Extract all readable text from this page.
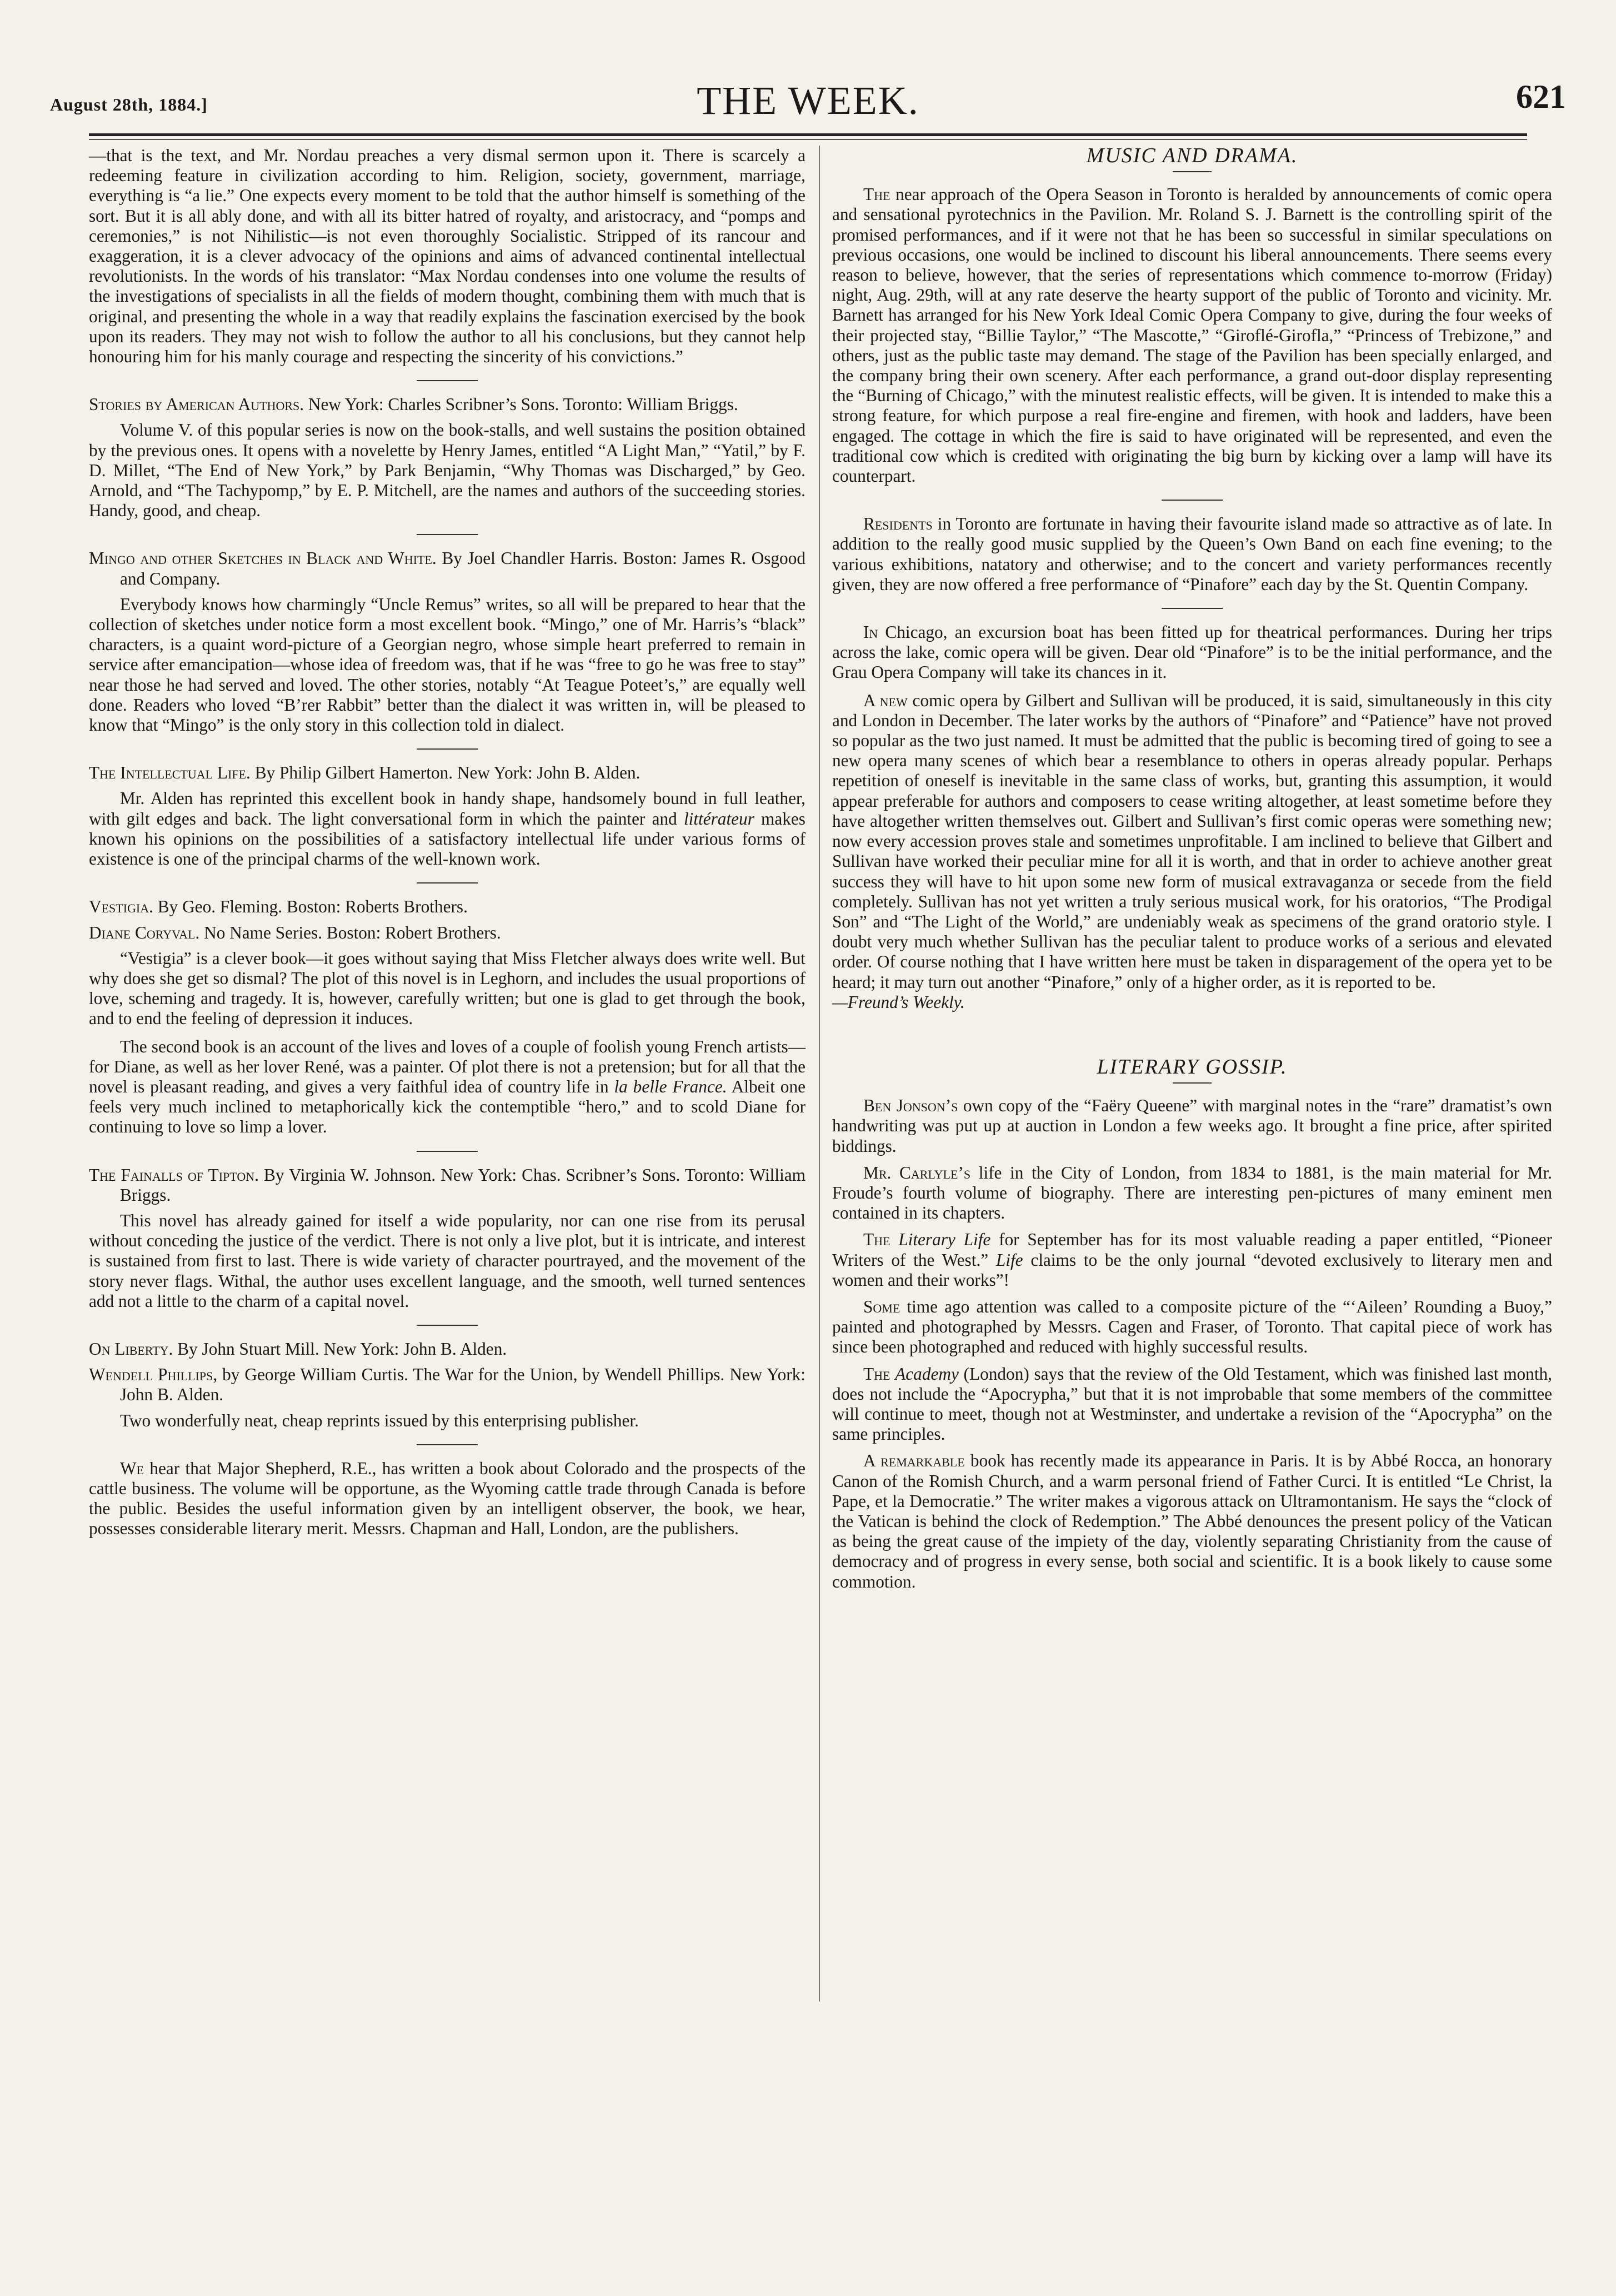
August 28th, 1884.]	THE WEEK.	621

—that is the text, and Mr. Nordau preaches a very dismal sermon upon it. There is scarcely a redeeming feature in civilization according to him. Religion, society, government, marriage, everything is “a lie.” One expects every moment to be told that the author himself is something of the sort. But it is all ably done, and with all its bitter hatred of royalty, and aristocracy, and “pomps and ceremonies,” is not Nihilistic—is not even thoroughly Socialistic. Stripped of its rancour and exaggeration, it is a clever advocacy of the opinions and aims of advanced continental intellectual revolutionists. In the words of his translator: “Max Nordau condenses into one volume the results of the investigations of specialists in all the fields of modern thought, combining them with much that is original, and presenting the whole in a way that readily explains the fascination exercised by the book upon its readers. They may not wish to follow the author to all his conclusions, but they cannot help honouring him for his manly courage and respecting the sincerity of his convictions.”

Stories by American Authors. New York: Charles Scribner’s Sons. Toronto: William Briggs.

Volume V. of this popular series is now on the book-stalls, and well sustains the position obtained by the previous ones. It opens with a novelette by Henry James, entitled “A Light Man,” “Yatil,” by F. D. Millet, “The End of New York,” by Park Benjamin, “Why Thomas was Discharged,” by Geo. Arnold, and “The Tachypomp,” by E. P. Mitchell, are the names and authors of the succeeding stories. Handy, good, and cheap.

Mingo and other Sketches in Black and White. By Joel Chandler Harris. Boston: James R. Osgood and Company.

Everybody knows how charmingly “Uncle Remus” writes, so all will be prepared to hear that the collection of sketches under notice form a most excellent book. “Mingo,” one of Mr. Harris’s “black” characters, is a quaint word-picture of a Georgian negro, whose simple heart preferred to remain in service after emancipation—whose idea of freedom was, that if he was “free to go he was free to stay” near those he had served and loved. The other stories, notably “At Teague Poteet’s,” are equally well done. Readers who loved “B’rer Rabbit” better than the dialect it was written in, will be pleased to know that “Mingo” is the only story in this collection told in dialect.

The Intellectual Life. By Philip Gilbert Hamerton. New York: John B. Alden.

Mr. Alden has reprinted this excellent book in handy shape, handsomely bound in full leather, with gilt edges and back. The light conversational form in which the painter and littérateur makes known his opinions on the possibilities of a satisfactory intellectual life under various forms of existence is one of the principal charms of the well-known work.

Vestigia. By Geo. Fleming. Boston: Roberts Brothers.

Diane Coryval. No Name Series. Boston: Robert Brothers.

“Vestigia” is a clever book—it goes without saying that Miss Fletcher always does write well. But why does she get so dismal? The plot of this novel is in Leghorn, and includes the usual proportions of love, scheming and tragedy. It is, however, carefully written; but one is glad to get through the book, and to end the feeling of depression it induces.

The second book is an account of the lives and loves of a couple of foolish young French artists—for Diane, as well as her lover René, was a painter. Of plot there is not a pretension; but for all that the novel is pleasant reading, and gives a very faithful idea of country life in la belle France. Albeit one feels very much inclined to metaphorically kick the contemptible “hero,” and to scold Diane for continuing to love so limp a lover.

The Fainalls of Tipton. By Virginia W. Johnson. New York: Chas. Scribner’s Sons. Toronto: William Briggs.

This novel has already gained for itself a wide popularity, nor can one rise from its perusal without conceding the justice of the verdict. There is not only a live plot, but it is intricate, and interest is sustained from first to last. There is wide variety of character pourtrayed, and the movement of the story never flags. Withal, the author uses excellent language, and the smooth, well turned sentences add not a little to the charm of a capital novel.

On Liberty. By John Stuart Mill. New York: John B. Alden.

Wendell Phillips, by George William Curtis. The War for the Union, by Wendell Phillips. New York: John B. Alden.

Two wonderfully neat, cheap reprints issued by this enterprising publisher.

We hear that Major Shepherd, R.E., has written a book about Colorado and the prospects of the cattle business. The volume will be opportune, as the Wyoming cattle trade through Canada is before the public. Besides the useful information given by an intelligent observer, the book, we hear, possesses considerable literary merit. Messrs. Chapman and Hall, London, are the publishers.

MUSIC AND DRAMA.

The near approach of the Opera Season in Toronto is heralded by announcements of comic opera and sensational pyrotechnics in the Pavilion. Mr. Roland S. J. Barnett is the controlling spirit of the promised performances, and if it were not that he has been so successful in similar speculations on previous occasions, one would be inclined to discount his liberal announcements. There seems every reason to believe, however, that the series of representations which commence to-morrow (Friday) night, Aug. 29th, will at any rate deserve the hearty support of the public of Toronto and vicinity. Mr. Barnett has arranged for his New York Ideal Comic Opera Company to give, during the four weeks of their projected stay, “Billie Taylor,” “The Mascotte,” “Giroflé-Girofla,” “Princess of Trebizone,” and others, just as the public taste may demand. The stage of the Pavilion has been specially enlarged, and the company bring their own scenery. After each performance, a grand out-door display representing the “Burning of Chicago,” with the minutest realistic effects, will be given. It is intended to make this a strong feature, for which purpose a real fire-engine and firemen, with hook and ladders, have been engaged. The cottage in which the fire is said to have originated will be represented, and even the traditional cow which is credited with originating the big burn by kicking over a lamp will have its counterpart.

Residents in Toronto are fortunate in having their favourite island made so attractive as of late. In addition to the really good music supplied by the Queen’s Own Band on each fine evening; to the various exhibitions, natatory and otherwise; and to the concert and variety performances recently given, they are now offered a free performance of “Pinafore” each day by the St. Quentin Company.

In Chicago, an excursion boat has been fitted up for theatrical performances. During her trips across the lake, comic opera will be given. Dear old “Pinafore” is to be the initial performance, and the Grau Opera Company will take its chances in it.

A new comic opera by Gilbert and Sullivan will be produced, it is said, simultaneously in this city and London in December. The later works by the authors of “Pinafore” and “Patience” have not proved so popular as the two just named. It must be admitted that the public is becoming tired of going to see a new opera many scenes of which bear a resemblance to others in operas already popular. Perhaps repetition of oneself is inevitable in the same class of works, but, granting this assumption, it would appear preferable for authors and composers to cease writing altogether, at least sometime before they have altogether written themselves out. Gilbert and Sullivan’s first comic operas were something new; now every accession proves stale and sometimes unprofitable. I am inclined to believe that Gilbert and Sullivan have worked their peculiar mine for all it is worth, and that in order to achieve another great success they will have to hit upon some new form of musical extravaganza or secede from the field completely. Sullivan has not yet written a truly serious musical work, for his oratorios, “The Prodigal Son” and “The Light of the World,” are undeniably weak as specimens of the grand oratorio style. I doubt very much whether Sullivan has the peculiar talent to produce works of a serious and elevated order. Of course nothing that I have written here must be taken in disparagement of the opera yet to be heard; it may turn out another “Pinafore,” only of a higher order, as it is reported to be.

—Freund’s Weekly.

LITERARY GOSSIP.

Ben Jonson’s own copy of the “Faëry Queene” with marginal notes in the “rare” dramatist’s own handwriting was put up at auction in London a few weeks ago. It brought a fine price, after spirited biddings.

Mr. Carlyle’s life in the City of London, from 1834 to 1881, is the main material for Mr. Froude’s fourth volume of biography. There are interesting pen-pictures of many eminent men contained in its chapters.

The Literary Life for September has for its most valuable reading a paper entitled, “Pioneer Writers of the West.” Life claims to be the only journal “devoted exclusively to literary men and women and their works”!

Some time ago attention was called to a composite picture of the “‘Aileen’ Rounding a Buoy,” painted and photographed by Messrs. Cagen and Fraser, of Toronto. That capital piece of work has since been photographed and reduced with highly successful results.

The Academy (London) says that the review of the Old Testament, which was finished last month, does not include the “Apocrypha,” but that it is not improbable that some members of the committee will continue to meet, though not at Westminster, and undertake a revision of the “Apocrypha” on the same principles.

A remarkable book has recently made its appearance in Paris. It is by Abbé Rocca, an honorary Canon of the Romish Church, and a warm personal friend of Father Curci. It is entitled “Le Christ, la Pape, et la Democratie.” The writer makes a vigorous attack on Ultramontanism. He says the “clock of the Vatican is behind the clock of Redemption.” The Abbé denounces the present policy of the Vatican as being the great cause of the impiety of the day, violently separating Christianity from the cause of democracy and of progress in every sense, both social and scientific. It is a book likely to cause some commotion.
